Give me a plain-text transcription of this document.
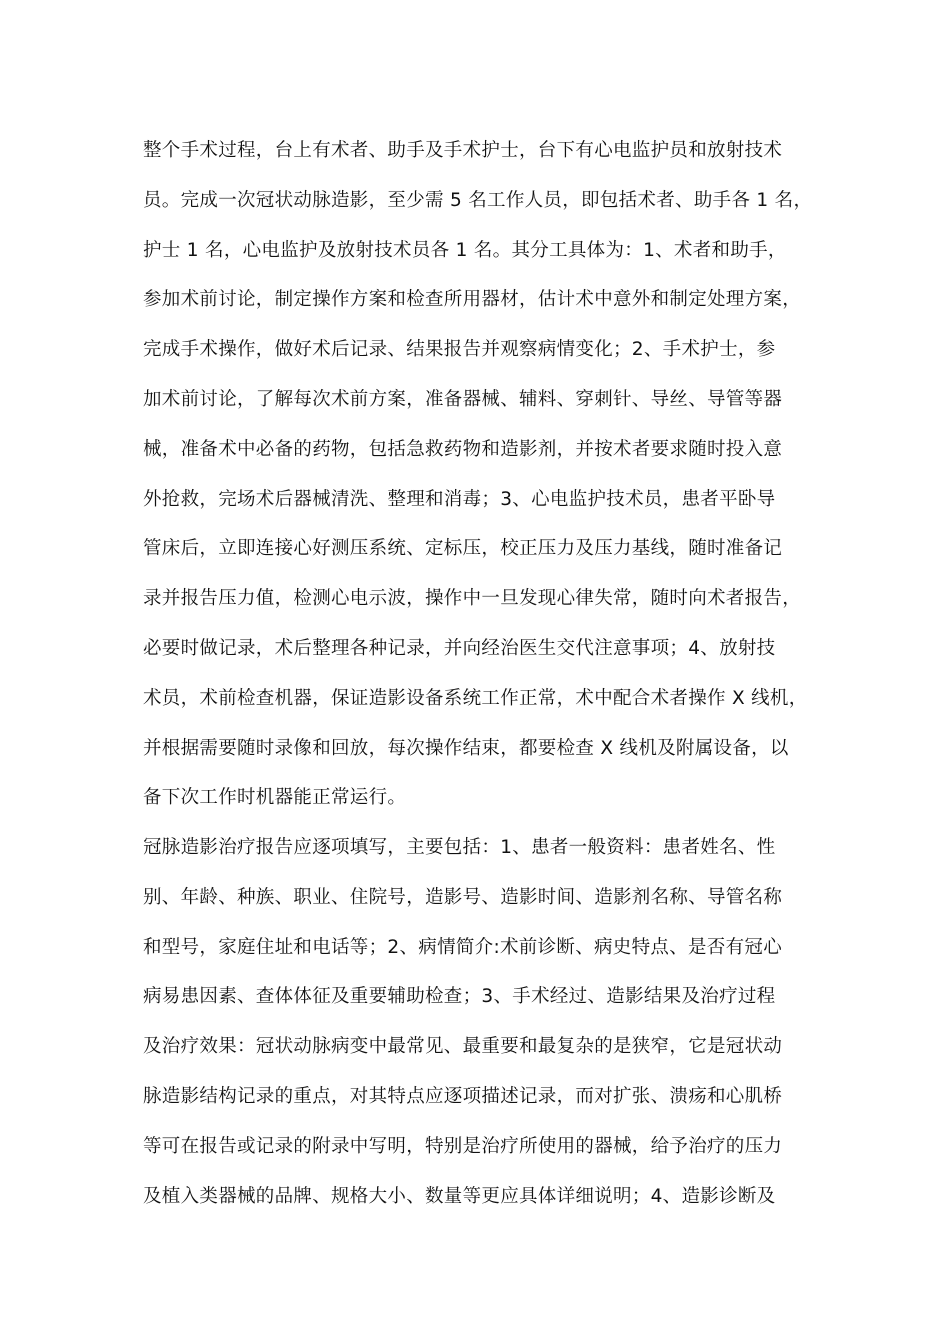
整个手术过程，台上有术者、助手及手术护士，台下有心电监护员和放射技术
员。完成一次冠状动脉造影，至少需 5 名工作人员，即包括术者、助手各 1 名，
护士 1 名，心电监护及放射技术员各 1 名。其分工具体为：1、术者和助手，
参加术前讨论，制定操作方案和检查所用器材，估计术中意外和制定处理方案，
完成手术操作，做好术后记录、结果报告并观察病情变化；2、手术护士，参
加术前讨论，了解每次术前方案，准备器械、辅料、穿刺针、导丝、导管等器
械，准备术中必备的药物，包括急救药物和造影剂，并按术者要求随时投入意
外抢救，完场术后器械清洗、整理和消毒；3、心电监护技术员，患者平卧导
管床后，立即连接心好测压系统、定标压，校正压力及压力基线，随时准备记
录并报告压力值，检测心电示波，操作中一旦发现心律失常，随时向术者报告，
必要时做记录，术后整理各种记录，并向经治医生交代注意事项；4、放射技
术员，术前检查机器，保证造影设备系统工作正常，术中配合术者操作 X 线机，
并根据需要随时录像和回放，每次操作结束，都要检查 X 线机及附属设备，以
备下次工作时机器能正常运行。
冠脉造影治疗报告应逐项填写，主要包括：1、患者一般资料：患者姓名、性
别、年龄、种族、职业、住院号，造影号、造影时间、造影剂名称、导管名称
和型号，家庭住址和电话等；2、病情简介:术前诊断、病史特点、是否有冠心
病易患因素、查体体征及重要辅助检查；3、手术经过、造影结果及治疗过程
及治疗效果：冠状动脉病变中最常见、最重要和最复杂的是狭窄，它是冠状动
脉造影结构记录的重点，对其特点应逐项描述记录，而对扩张、溃疡和心肌桥
等可在报告或记录的附录中写明，特别是治疗所使用的器械，给予治疗的压力
及植入类器械的品牌、规格大小、数量等更应具体详细说明；4、造影诊断及
